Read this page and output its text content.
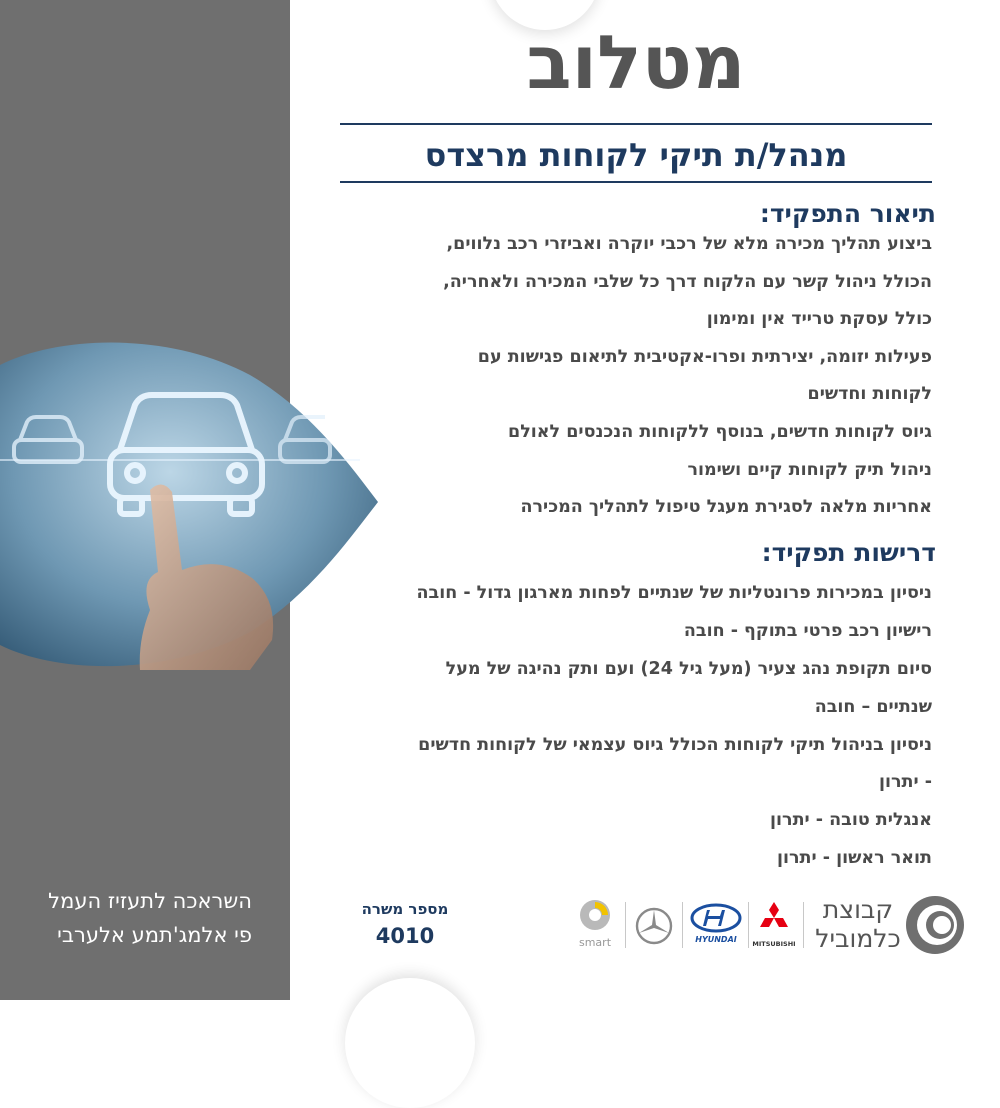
מטלוב
מנהל/ת תיקי לקוחות מרצדס
תיאור התפקיד:
ביצוע תהליך מכירה מלא של רכבי יוקרה ואביזרי רכב נלווים,
הכולל ניהול קשר עם הלקוח דרך כל שלבי המכירה ולאחריה,
כולל עסקת טרייד אין ומימון
פעילות יזומה, יצירתית ופרו-אקטיבית לתיאום פגישות עם
לקוחות וחדשים
גיוס לקוחות חדשים, בנוסף ללקוחות הנכנסים לאולם
ניהול תיק לקוחות קיים ושימור
אחריות מלאה לסגירת מעגל טיפול לתהליך המכירה
דרישות תפקיד:
ניסיון במכירות פרונטליות של שנתיים לפחות מארגון גדול - חובה
רישיון רכב פרטי בתוקף - חובה
סיום תקופת נהג צעיר (מעל גיל 24) ועם ותק נהיגה של מעל
שנתיים – חובה
ניסיון בניהול תיקי לקוחות הכולל גיוס עצמאי של לקוחות חדשים
- יתרון
אנגלית טובה - יתרון
תואר ראשון - יתרון
השראכה לתעזיז העמל
פי אלמג'תמע אלערבי
מספר משרה
4010	smart	HYUNDAI	MITSUBISHI
קבוצת
כלמוביל
